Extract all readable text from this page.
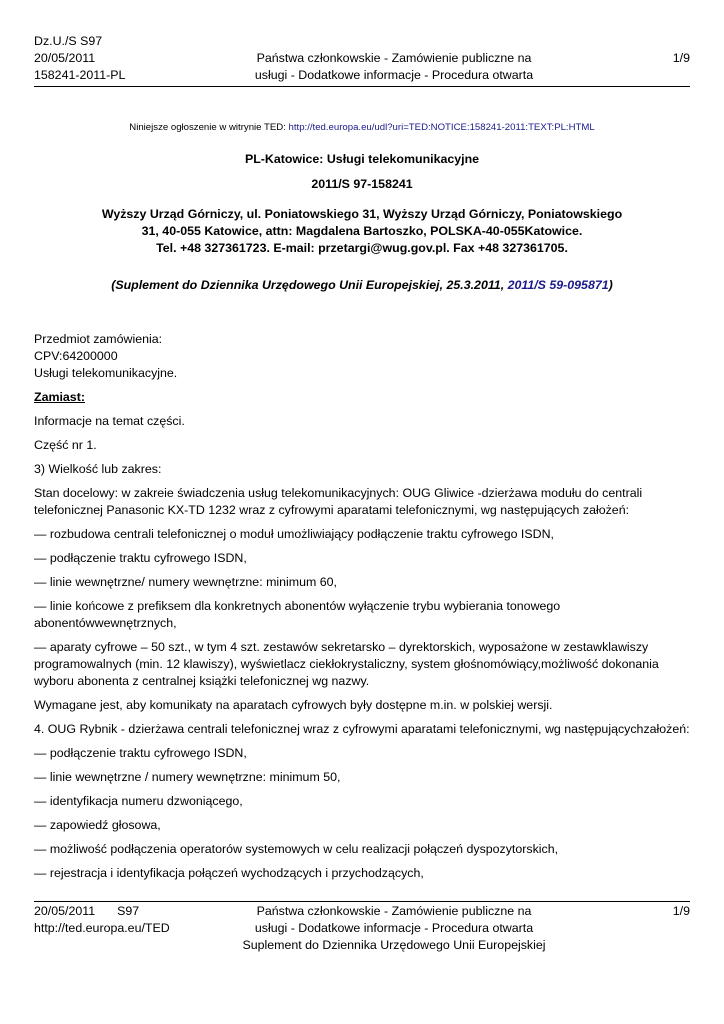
Dz.U./S S97
20/05/2011
158241-2011-PL
Państwa członkowskie - Zamówienie publiczne na
usługi - Dodatkowe informacje - Procedura otwarta
1/9
Niniejsze ogłoszenie w witrynie TED: http://ted.europa.eu/udl?uri=TED:NOTICE:158241-2011:TEXT:PL:HTML
PL-Katowice: Usługi telekomunikacyjne
2011/S 97-158241
Wyższy Urząd Górniczy, ul. Poniatowskiego 31, Wyższy Urząd Górniczy, Poniatowskiego
31, 40-055 Katowice, attn: Magdalena Bartoszko, POLSKA-40-055Katowice.
Tel. +48 327361723. E-mail: przetargi@wug.gov.pl. Fax +48 327361705.
(Suplement do Dziennika Urzędowego Unii Europejskiej, 25.3.2011, 2011/S 59-095871)

Przedmiot zamówienia:
CPV:64200000
Usługi telekomunikacyjne.

Zamiast:

Informacje na temat części.

Część nr 1.

3) Wielkość lub zakres:

Stan docelowy: w zakreie świadczenia usług telekomunikacyjnych: OUG Gliwice -dzierżawa modułu do centrali telefonicznej Panasonic KX-TD 1232 wraz z cyfrowymi aparatami telefonicznymi, wg następujących założeń:

— rozbudowa centrali telefonicznej o moduł umożliwiający podłączenie traktu cyfrowego ISDN,

— podłączenie traktu cyfrowego ISDN,

— linie wewnętrzne/ numery wewnętrzne: minimum 60,

— linie końcowe z prefiksem dla konkretnych abonentów wyłączenie trybu wybierania tonowego abonentówwewnętrznych,

— aparaty cyfrowe – 50 szt., w tym 4 szt. zestawów sekretarsko – dyrektorskich, wyposażone w zestawklawiszy programowalnych (min. 12 klawiszy), wyświetlacz ciekłokrystaliczny, system głośnomówiący,możliwość dokonania wyboru abonenta z centralnej książki telefonicznej wg nazwy.

Wymagane jest, aby komunikaty na aparatach cyfrowych były dostępne m.in. w polskiej wersji.

4. OUG Rybnik - dzierżawa centrali telefonicznej wraz z cyfrowymi aparatami telefonicznymi, wg następującychzałożeń:

— podłączenie traktu cyfrowego ISDN,

— linie wewnętrzne / numery wewnętrzne: minimum 50,

— identyfikacja numeru dzwoniącego,

— zapowiedź głosowa,

— możliwość podłączenia operatorów systemowych w celu realizacji połączeń dyspozytorskich,

— rejestracja i identyfikacja połączeń wychodzących i przychodzących,

20/05/2011 S97
http://ted.europa.eu/TED
Państwa członkowskie - Zamówienie publiczne na
usługi - Dodatkowe informacje - Procedura otwarta
Suplement do Dziennika Urzędowego Unii Europejskiej
1/9
